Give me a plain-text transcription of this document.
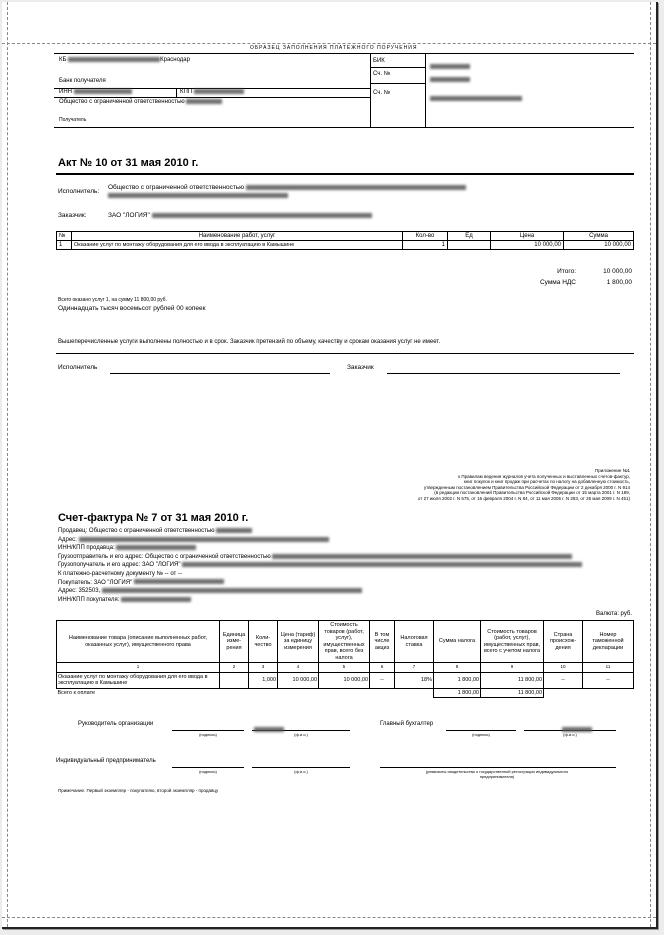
ОБРАЗЕЦ ЗАПОЛНЕНИЯ ПЛАТЕЖНОГО ПОРУЧЕНИЯ
КБ	Краснодар
Банк получателя
ИНН	КПП
Общество с ограниченной ответственностью
Получатель
БИК
Сч. №
Сч. №
Акт № 10 от 31 мая 2010 г.
Исполнитель:
Общество с ограниченной ответственностью

Заказчик:	ЗАО "ЛОГИЯ"
№	Наименование работ, услуг	Кол-во	Ед	Цена	Сумма
1	Оказание услуг по монтажу оборудования для его ввода в эксплуатацию в Камышине	1		10 000,00	10 000,00
Итого:	10 000,00
Сумма НДС	1 800,00
Всего оказано услуг 1, на сумму 11 800,00 руб.
Одиннадцать тысяч восемьсот рублей 00 копеек
Вышеперечисленные услуги выполнены полностью и в срок. Заказчик претензий по объему, качеству и срокам оказания услуг не имеет.
Исполнитель	Заказчик
Приложение №1
к Правилам ведения журналов учета полученных и выставленных счетов-фактур,
книг покупок и книг продаж при расчетах по налогу на добавленную стоимость,
утвержденным постановлением Правительства Российской Федерации от 2 декабря 2000 г. N 914
(в редакции постановлений Правительства Российской Федерации от 15 марта 2001 г. N 189,
от 27 июля 2002 г. N 575, от 16 февраля 2004 г. N 84, от 11 мая 2006 г. N 283, от 26 мая 2009 г. N 451)
Счет-фактура № 7 от 31 мая 2010 г.
Продавец: Общество с ограниченной ответственностью
Адрес:
ИНН/КПП продавца:
Грузоотправитель и его адрес: Общество с ограниченной ответственностью
Грузополучатель и его адрес: ЗАО "ЛОГИЯ"
К платежно-расчетному документу № -- от --
Покупатель: ЗАО "ЛОГИЯ"
Адрес: 352503,
ИНН/КПП покупателя:
Валюта: руб.
Наименование товара (описание выполненных работ, оказанных услуг), имущественного права	Единица изме-рения	Коли-чество	Цена (тариф) за единицу измерения	Стоимость товаров (работ, услуг), имущественных прав, всего без налога	В том числе акциз	Налоговая ставка	Сумма налога	Стоимость товаров (работ, услуг), имущественных прав, всего с учетом налога	Страна происхож-дения	Номер таможенной декларации
1	2	3	4	5	6	7	8	9	10	11
Оказание услуг по монтажу оборудования для его ввода в эксплуатацию в Камышине		1,000	10 000,00	10 000,00	--	18%	1 800,00	11 800,00	--	--
Всего к оплате							1 800,00	11 800,00		
Руководитель организации
(подпись)	(ф.и.о.)
Главный бухгалтер
(подпись)	(ф.и.о.)
Индивидуальный предприниматель
(подпись)	(ф.и.о.)	(реквизиты свидетельства о государственной регистрации индивидуального предпринимателя)
Примечание. Первый экземпляр - покупателю, второй экземпляр - продавцу
